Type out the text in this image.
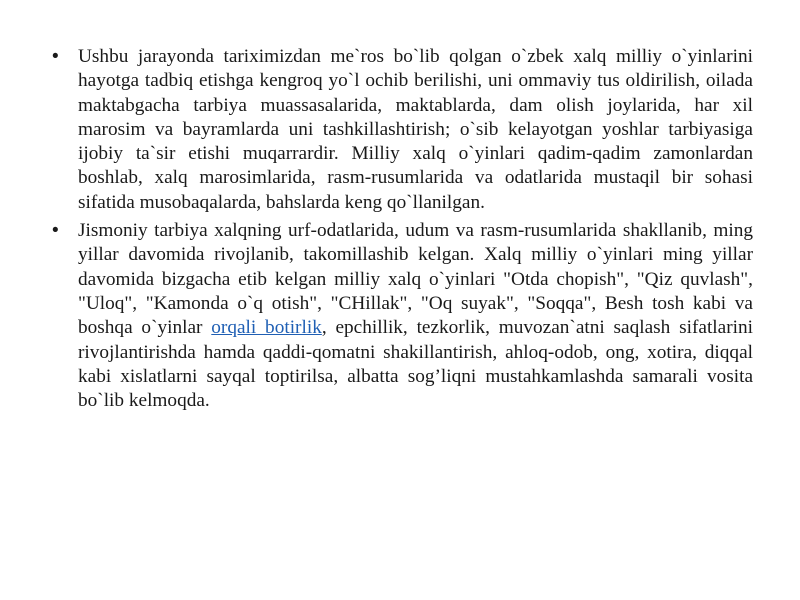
• Ushbu jarayonda tariximizdan me`ros bo`lib qolgan o`zbek xalq milliy o`yinlarini hayotga tadbiq etishga kengroq yo`l ochib berilishi, uni ommaviy tus oldirilish, oilada maktabgacha tarbiya muassasalarida, maktablarda, dam olish joylarida, har xil marosim va bayramlarda uni tashkillashtirish; o`sib kelayotgan yoshlar tarbiyasiga ijobiy ta`sir etishi muqarrardir. Milliy xalq o`yinlari qadim-qadim zamonlardan boshlab, xalq marosimlarida, rasm-rusumlarida va odatlarida mustaqil bir sohasi sifatida musobaqalarda, bahslarda keng qo`llanilgan.
• Jismoniy tarbiya xalqning urf-odatlarida, udum va rasm-rusumlarida shakllanib, ming yillar davomida rivojlanib, takomillashib kelgan. Xalq milliy o`yinlari ming yillar davomida bizgacha etib kelgan milliy xalq o`yinlari "Otda chopish", "Qiz quvlash", "Uloq", "Kamonda o`q otish", "CHillak", "Oq suyak", "Soqqa", Besh tosh kabi va boshqa o`yinlar orqali botirlik, epchillik, tezkorlik, muvozan`atni saqlash sifatlarini rivojlantirishda hamda qaddi-qomatni shakillantirish, ahloq-odob, ong, xotira, diqqal kabi xislatlarni sayqal toptirilsa, albatta sog’liqni mustahkamlashda samarali vosita bo`lib kelmoqda.
